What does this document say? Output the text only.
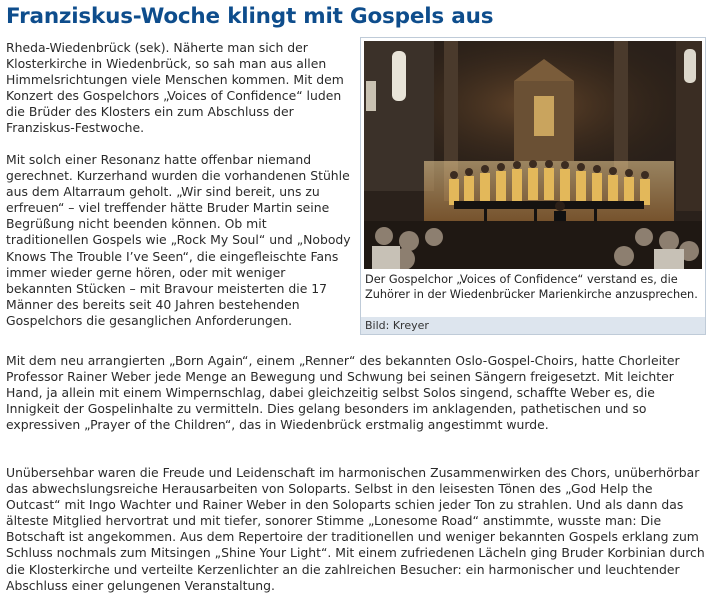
Franziskus-Woche klingt mit Gospels aus

Rheda-Wiedenbrück (sek). Näherte man sich der Klosterkirche in Wiedenbrück, so sah man aus allen Himmelsrichtungen viele Menschen kommen. Mit dem Konzert des Gospelchors „Voices of Confidence“ luden die Brüder des Klosters ein zum Abschluss der Franziskus-Festwoche.

Mit solch einer Resonanz hatte offenbar niemand gerechnet. Kurzerhand wurden die vorhandenen Stühle aus dem Altarraum geholt. „Wir sind bereit, uns zu erfreuen“ – viel treffender hätte Bruder Martin seine Begrüßung nicht beenden können. Ob mit traditionellen Gospels wie „Rock My Soul“ und „Nobody Knows The Trouble I’ve Seen“, die eingefleischte Fans immer wieder gerne hören, oder mit weniger bekannten Stücken – mit Bravour meisterten die 17 Männer des bereits seit 40 Jahren bestehenden Gospelchors die gesanglichen Anforderungen.

Der Gospelchor „Voices of Confidence“ verstand es, die Zuhörer in der Wiedenbrücker Marienkirche anzusprechen.

Bild: Kreyer

Mit dem neu arrangierten „Born Again“, einem „Renner“ des bekannten Oslo-Gospel-Choirs, hatte Chorleiter Professor Rainer Weber jede Menge an Bewegung und Schwung bei seinen Sängern freigesetzt. Mit leichter Hand, ja allein mit einem Wimpernschlag, dabei gleichzeitig selbst Solos singend, schaffte Weber es, die Innigkeit der Gospelinhalte zu vermitteln. Dies gelang besonders im anklagenden, pathetischen und so expressiven „Prayer of the Children“, das in Wiedenbrück erstmalig angestimmt wurde.

Unübersehbar waren die Freude und Leidenschaft im harmonischen Zusammenwirken des Chors, unüberhörbar das abwechslungsreiche Herausarbeiten von Soloparts. Selbst in den leisesten Tönen des „God Help the Outcast“ mit Ingo Wachter und Rainer Weber in den Soloparts schien jeder Ton zu strahlen. Und als dann das älteste Mitglied hervortrat und mit tiefer, sonorer Stimme „Lonesome Road“ anstimmte, wusste man: Die Botschaft ist angekommen. Aus dem Repertoire der traditionellen und weniger bekannten Gospels erklang zum Schluss nochmals zum Mitsingen „Shine Your Light“. Mit einem zufriedenen Lächeln ging Bruder Korbinian durch die Klosterkirche und verteilte Kerzenlichter an die zahlreichen Besucher: ein harmonischer und leuchtender Abschluss einer gelungenen Veranstaltung.
